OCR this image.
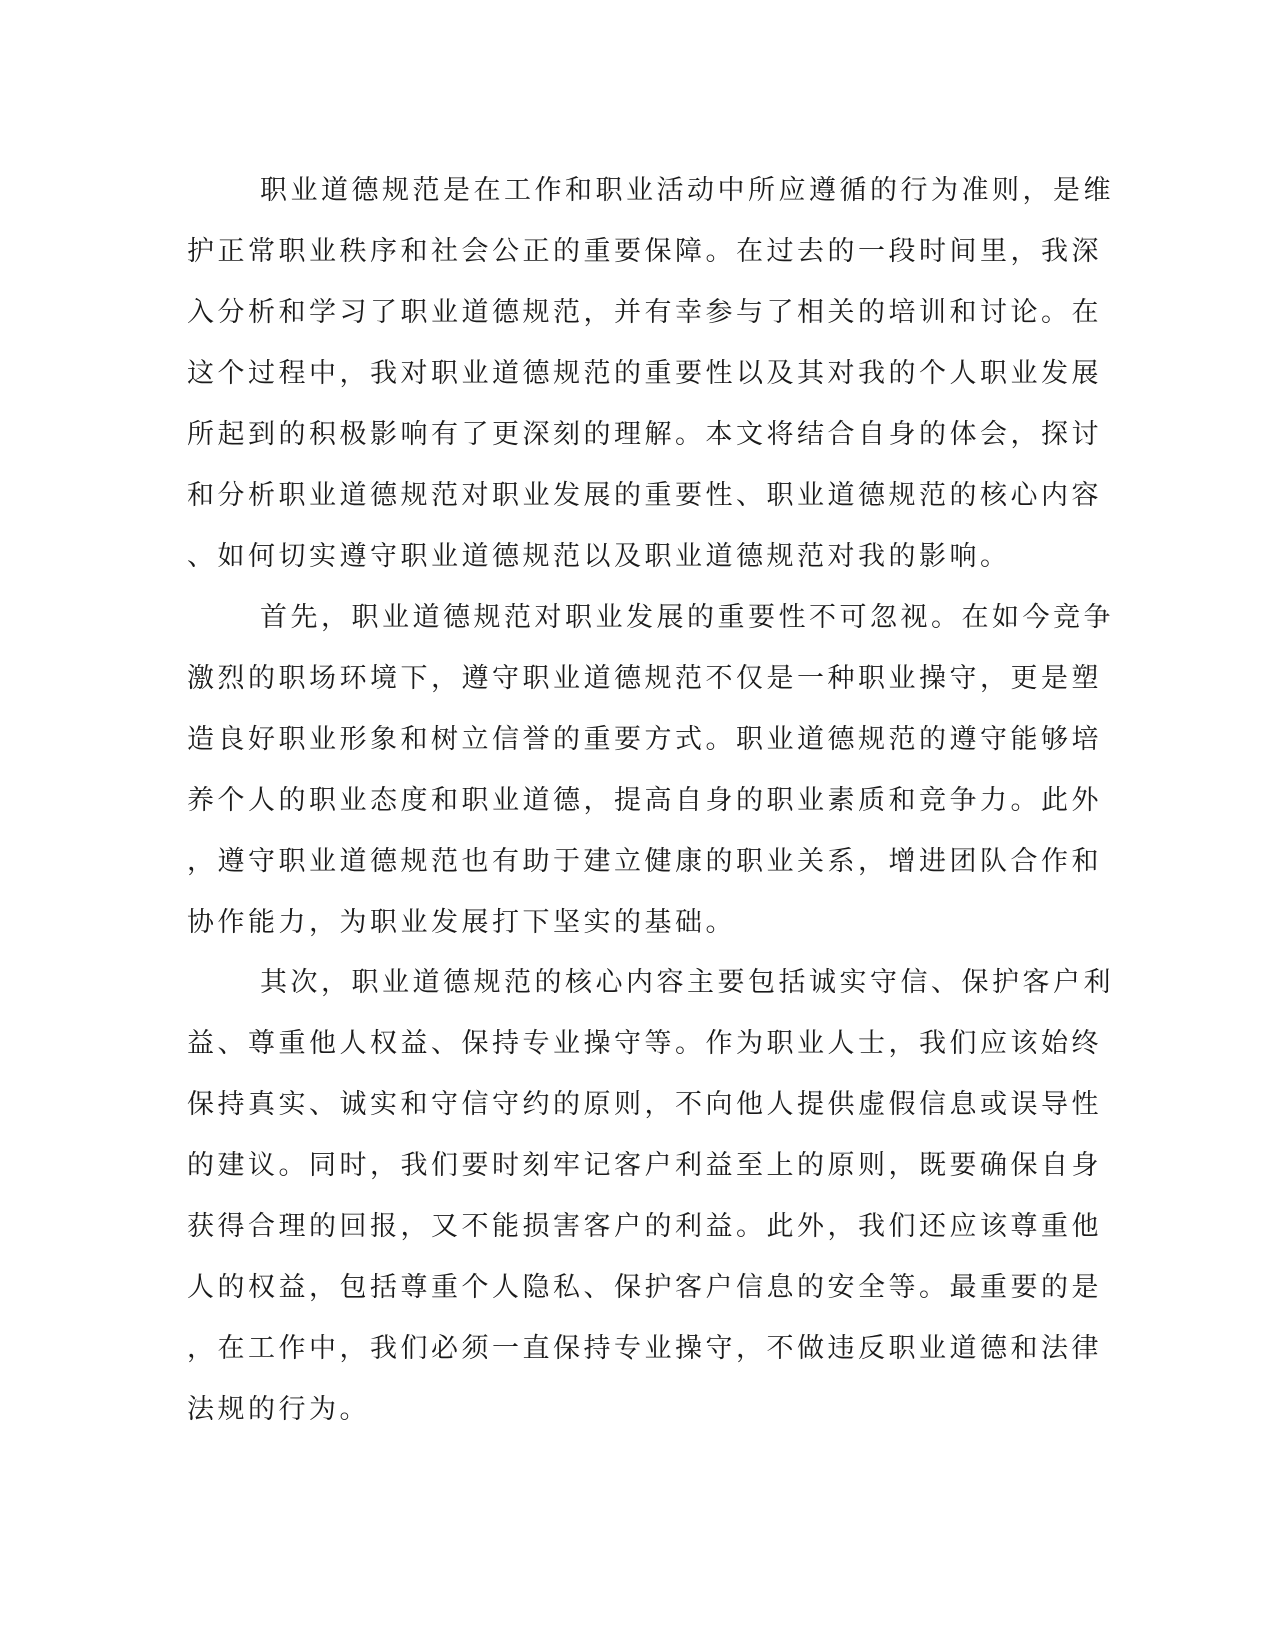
职业道德规范是在工作和职业活动中所应遵循的行为准则，是维
护正常职业秩序和社会公正的重要保障。在过去的一段时间里，我深
入分析和学习了职业道德规范，并有幸参与了相关的培训和讨论。在
这个过程中，我对职业道德规范的重要性以及其对我的个人职业发展
所起到的积极影响有了更深刻的理解。本文将结合自身的体会，探讨
和分析职业道德规范对职业发展的重要性、职业道德规范的核心内容
、如何切实遵守职业道德规范以及职业道德规范对我的影响。
首先，职业道德规范对职业发展的重要性不可忽视。在如今竞争
激烈的职场环境下，遵守职业道德规范不仅是一种职业操守，更是塑
造良好职业形象和树立信誉的重要方式。职业道德规范的遵守能够培
养个人的职业态度和职业道德，提高自身的职业素质和竞争力。此外
，遵守职业道德规范也有助于建立健康的职业关系，增进团队合作和
协作能力，为职业发展打下坚实的基础。
其次，职业道德规范的核心内容主要包括诚实守信、保护客户利
益、尊重他人权益、保持专业操守等。作为职业人士，我们应该始终
保持真实、诚实和守信守约的原则，不向他人提供虚假信息或误导性
的建议。同时，我们要时刻牢记客户利益至上的原则，既要确保自身
获得合理的回报，又不能损害客户的利益。此外，我们还应该尊重他
人的权益，包括尊重个人隐私、保护客户信息的安全等。最重要的是
，在工作中，我们必须一直保持专业操守，不做违反职业道德和法律
法规的行为。
